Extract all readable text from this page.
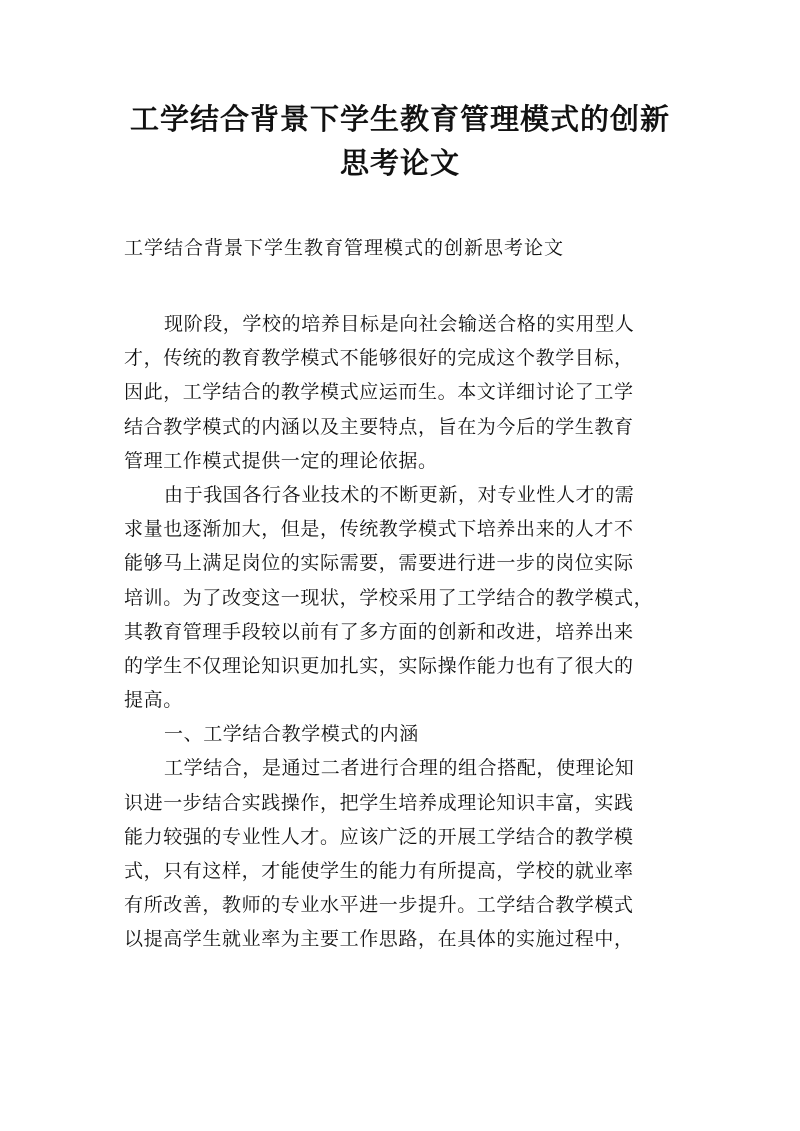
工学结合背景下学生教育管理模式的创新
思考论文

工学结合背景下学生教育管理模式的创新思考论文

现阶段，学校的培养目标是向社会输送合格的实用型人
才，传统的教育教学模式不能够很好的完成这个教学目标，
因此，工学结合的教学模式应运而生。本文详细讨论了工学
结合教学模式的内涵以及主要特点，旨在为今后的学生教育
管理工作模式提供一定的理论依据。
由于我国各行各业技术的不断更新，对专业性人才的需
求量也逐渐加大，但是，传统教学模式下培养出来的人才不
能够马上满足岗位的实际需要，需要进行进一步的岗位实际
培训。为了改变这一现状，学校采用了工学结合的教学模式，
其教育管理手段较以前有了多方面的创新和改进，培养出来
的学生不仅理论知识更加扎实，实际操作能力也有了很大的
提高。
一、工学结合教学模式的内涵
工学结合，是通过二者进行合理的组合搭配，使理论知
识进一步结合实践操作，把学生培养成理论知识丰富，实践
能力较强的专业性人才。应该广泛的开展工学结合的教学模
式，只有这样，才能使学生的能力有所提高，学校的就业率
有所改善，教师的专业水平进一步提升。工学结合教学模式
以提高学生就业率为主要工作思路，在具体的实施过程中，
